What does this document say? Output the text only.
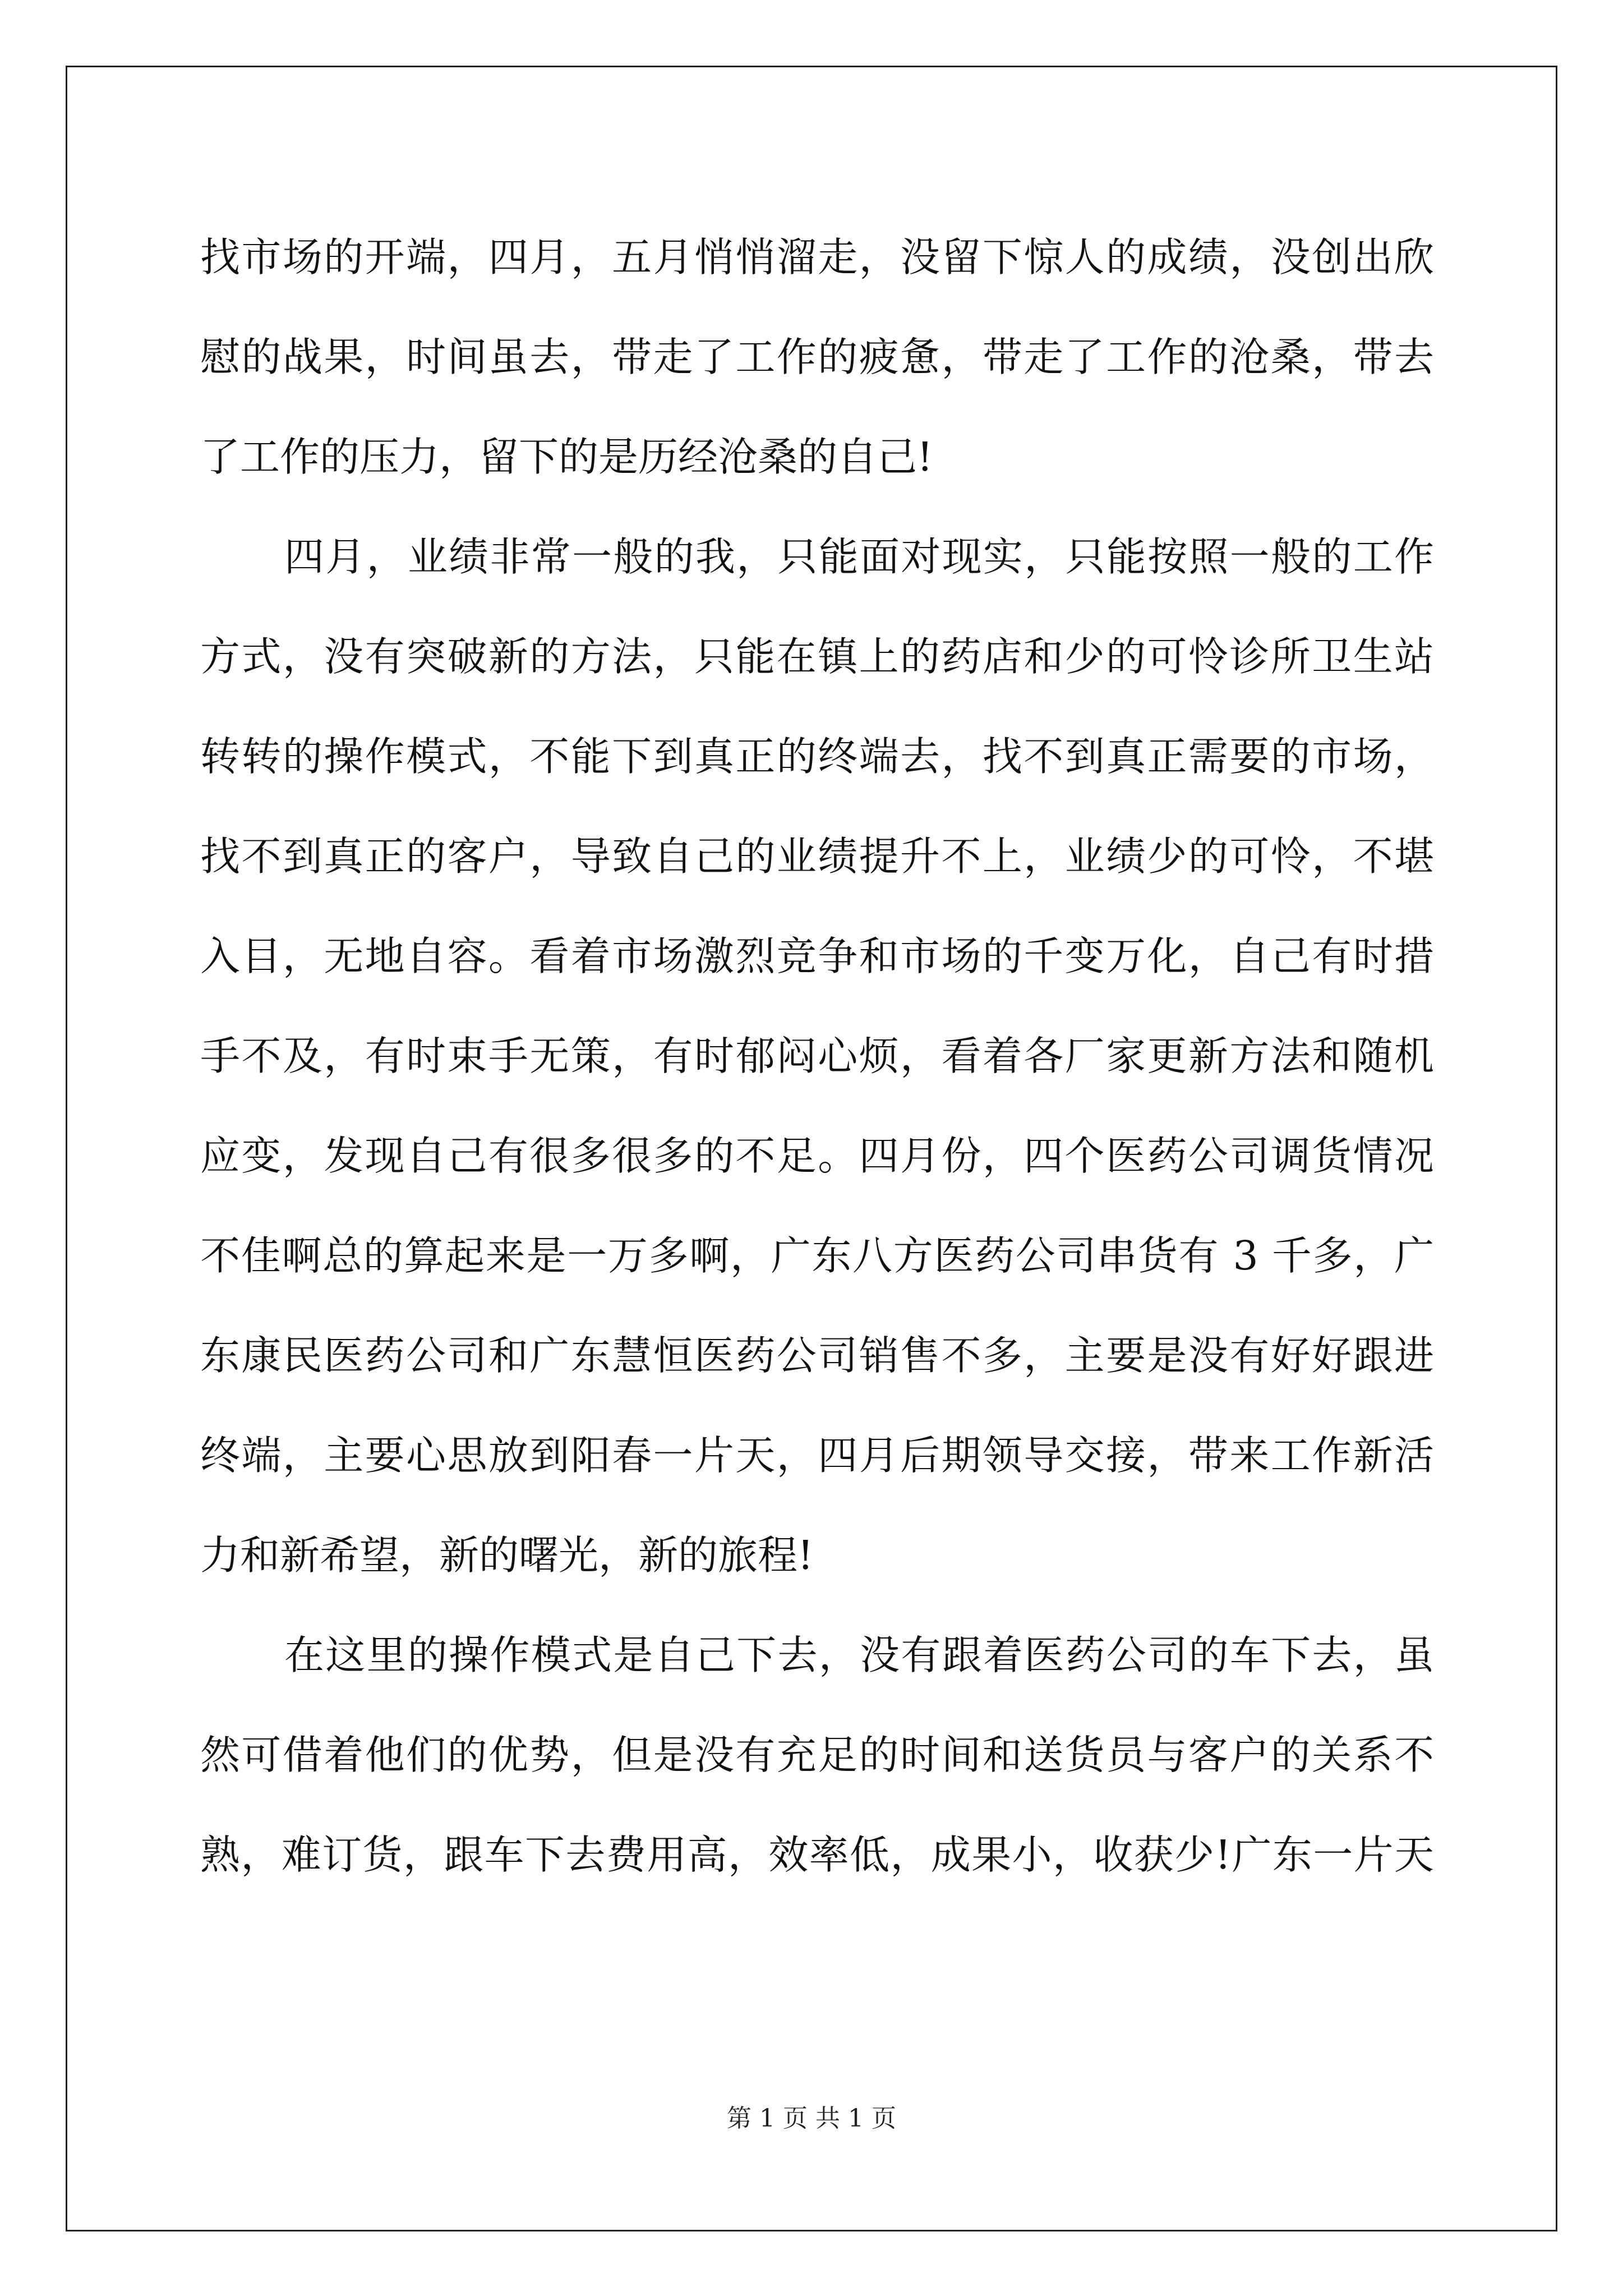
找市场的开端，四月，五月悄悄溜走，没留下惊人的成绩，没创出欣
慰的战果，时间虽去，带走了工作的疲惫，带走了工作的沧桑，带去
了工作的压力，留下的是历经沧桑的自己!
四月，业绩非常一般的我，只能面对现实，只能按照一般的工作
方式，没有突破新的方法，只能在镇上的药店和少的可怜诊所卫生站
转转的操作模式，不能下到真正的终端去，找不到真正需要的市场，
找不到真正的客户，导致自己的业绩提升不上，业绩少的可怜，不堪
入目，无地自容。看着市场激烈竞争和市场的千变万化，自己有时措
手不及，有时束手无策，有时郁闷心烦，看着各厂家更新方法和随机
应变，发现自己有很多很多的不足。四月份，四个医药公司调货情况
不佳啊总的算起来是一万多啊，广东八方医药公司串货有 3 千多，广
东康民医药公司和广东慧恒医药公司销售不多，主要是没有好好跟进
终端，主要心思放到阳春一片天，四月后期领导交接，带来工作新活
力和新希望，新的曙光，新的旅程!
在这里的操作模式是自己下去，没有跟着医药公司的车下去，虽
然可借着他们的优势，但是没有充足的时间和送货员与客户的关系不
熟，难订货，跟车下去费用高，效率低，成果小，收获少!广东一片天
第 1 页 共 1 页
